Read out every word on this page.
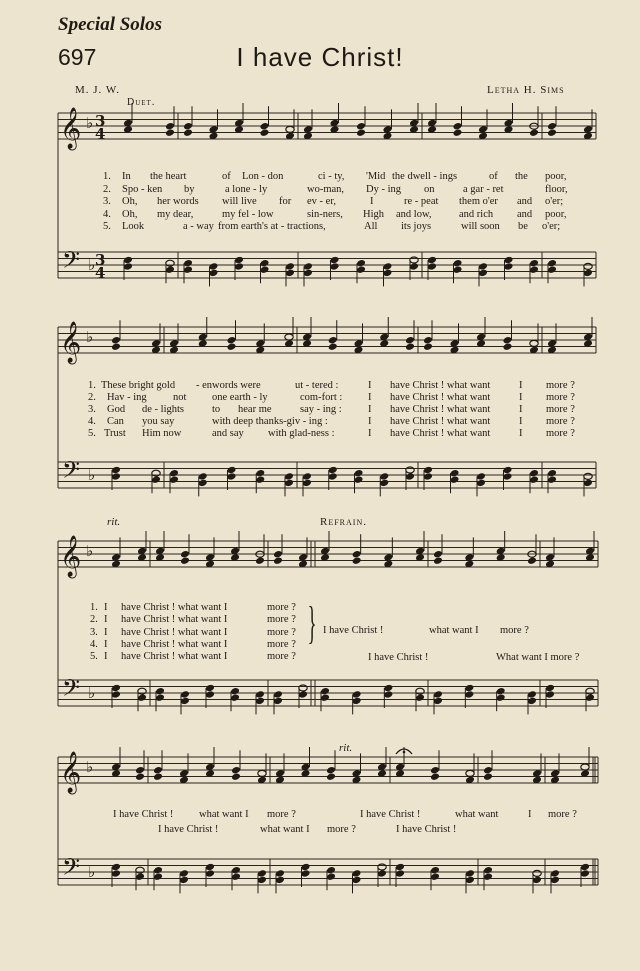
Special Solos
697	I have Christ!
M. J. W.	Letha H. Sims
Duet.
Refrain.
rit.
rit.
𝄞 ♭
𝄢 ♭
3
4
3
4
𝄞 ♭
𝄢 ♭
𝄞 ♭
𝄢 ♭
𝄞 ♭
𝄢 ♭
1. In the heart	of Lon - don	ci - ty, 'Mid the dwell - ings	of the poor,
2. Spo - ken by	a lone - ly	wo-man, Dy - ing on	a gar - ret	floor,
3. Oh, her words will live for ev - er,	I	re - peat them o'er and o'er;
4. Oh, my dear,	my fel - low	sin-ners, High and low,	and rich and poor,
5. Look	a - way from earth's at - tractions,	All its joys	will soon be o'er;
1. These bright gold - en words were	ut - tered :	I have Christ ! what want	I more ?
2. Hav - ing	not one earth - ly	com-fort : I have Christ ! what want	I more ?
3. God de - lights	to hear me	say - ing :	I have Christ ! what want	I more ?
4. Can you say	with deep thanks-giv - ing :	I have Christ ! what want	I more ?
5. Trust Him now	and say with glad-ness :	I have Christ ! what want	I more ?
1. I have Christ ! what want I	more ?
2. I have Christ ! what want I	more ?
3. I have Christ ! what want I	more ?
4. I have Christ ! what want I	more ?
5. I have Christ ! what want I	more ?
} I have Christ !	what want I more ?
I have Christ !	What want I more ?
I have Christ ! what want I more ?	I have Christ !	what want	I more ?
I have Christ !	what want I more ?	I have Christ !
